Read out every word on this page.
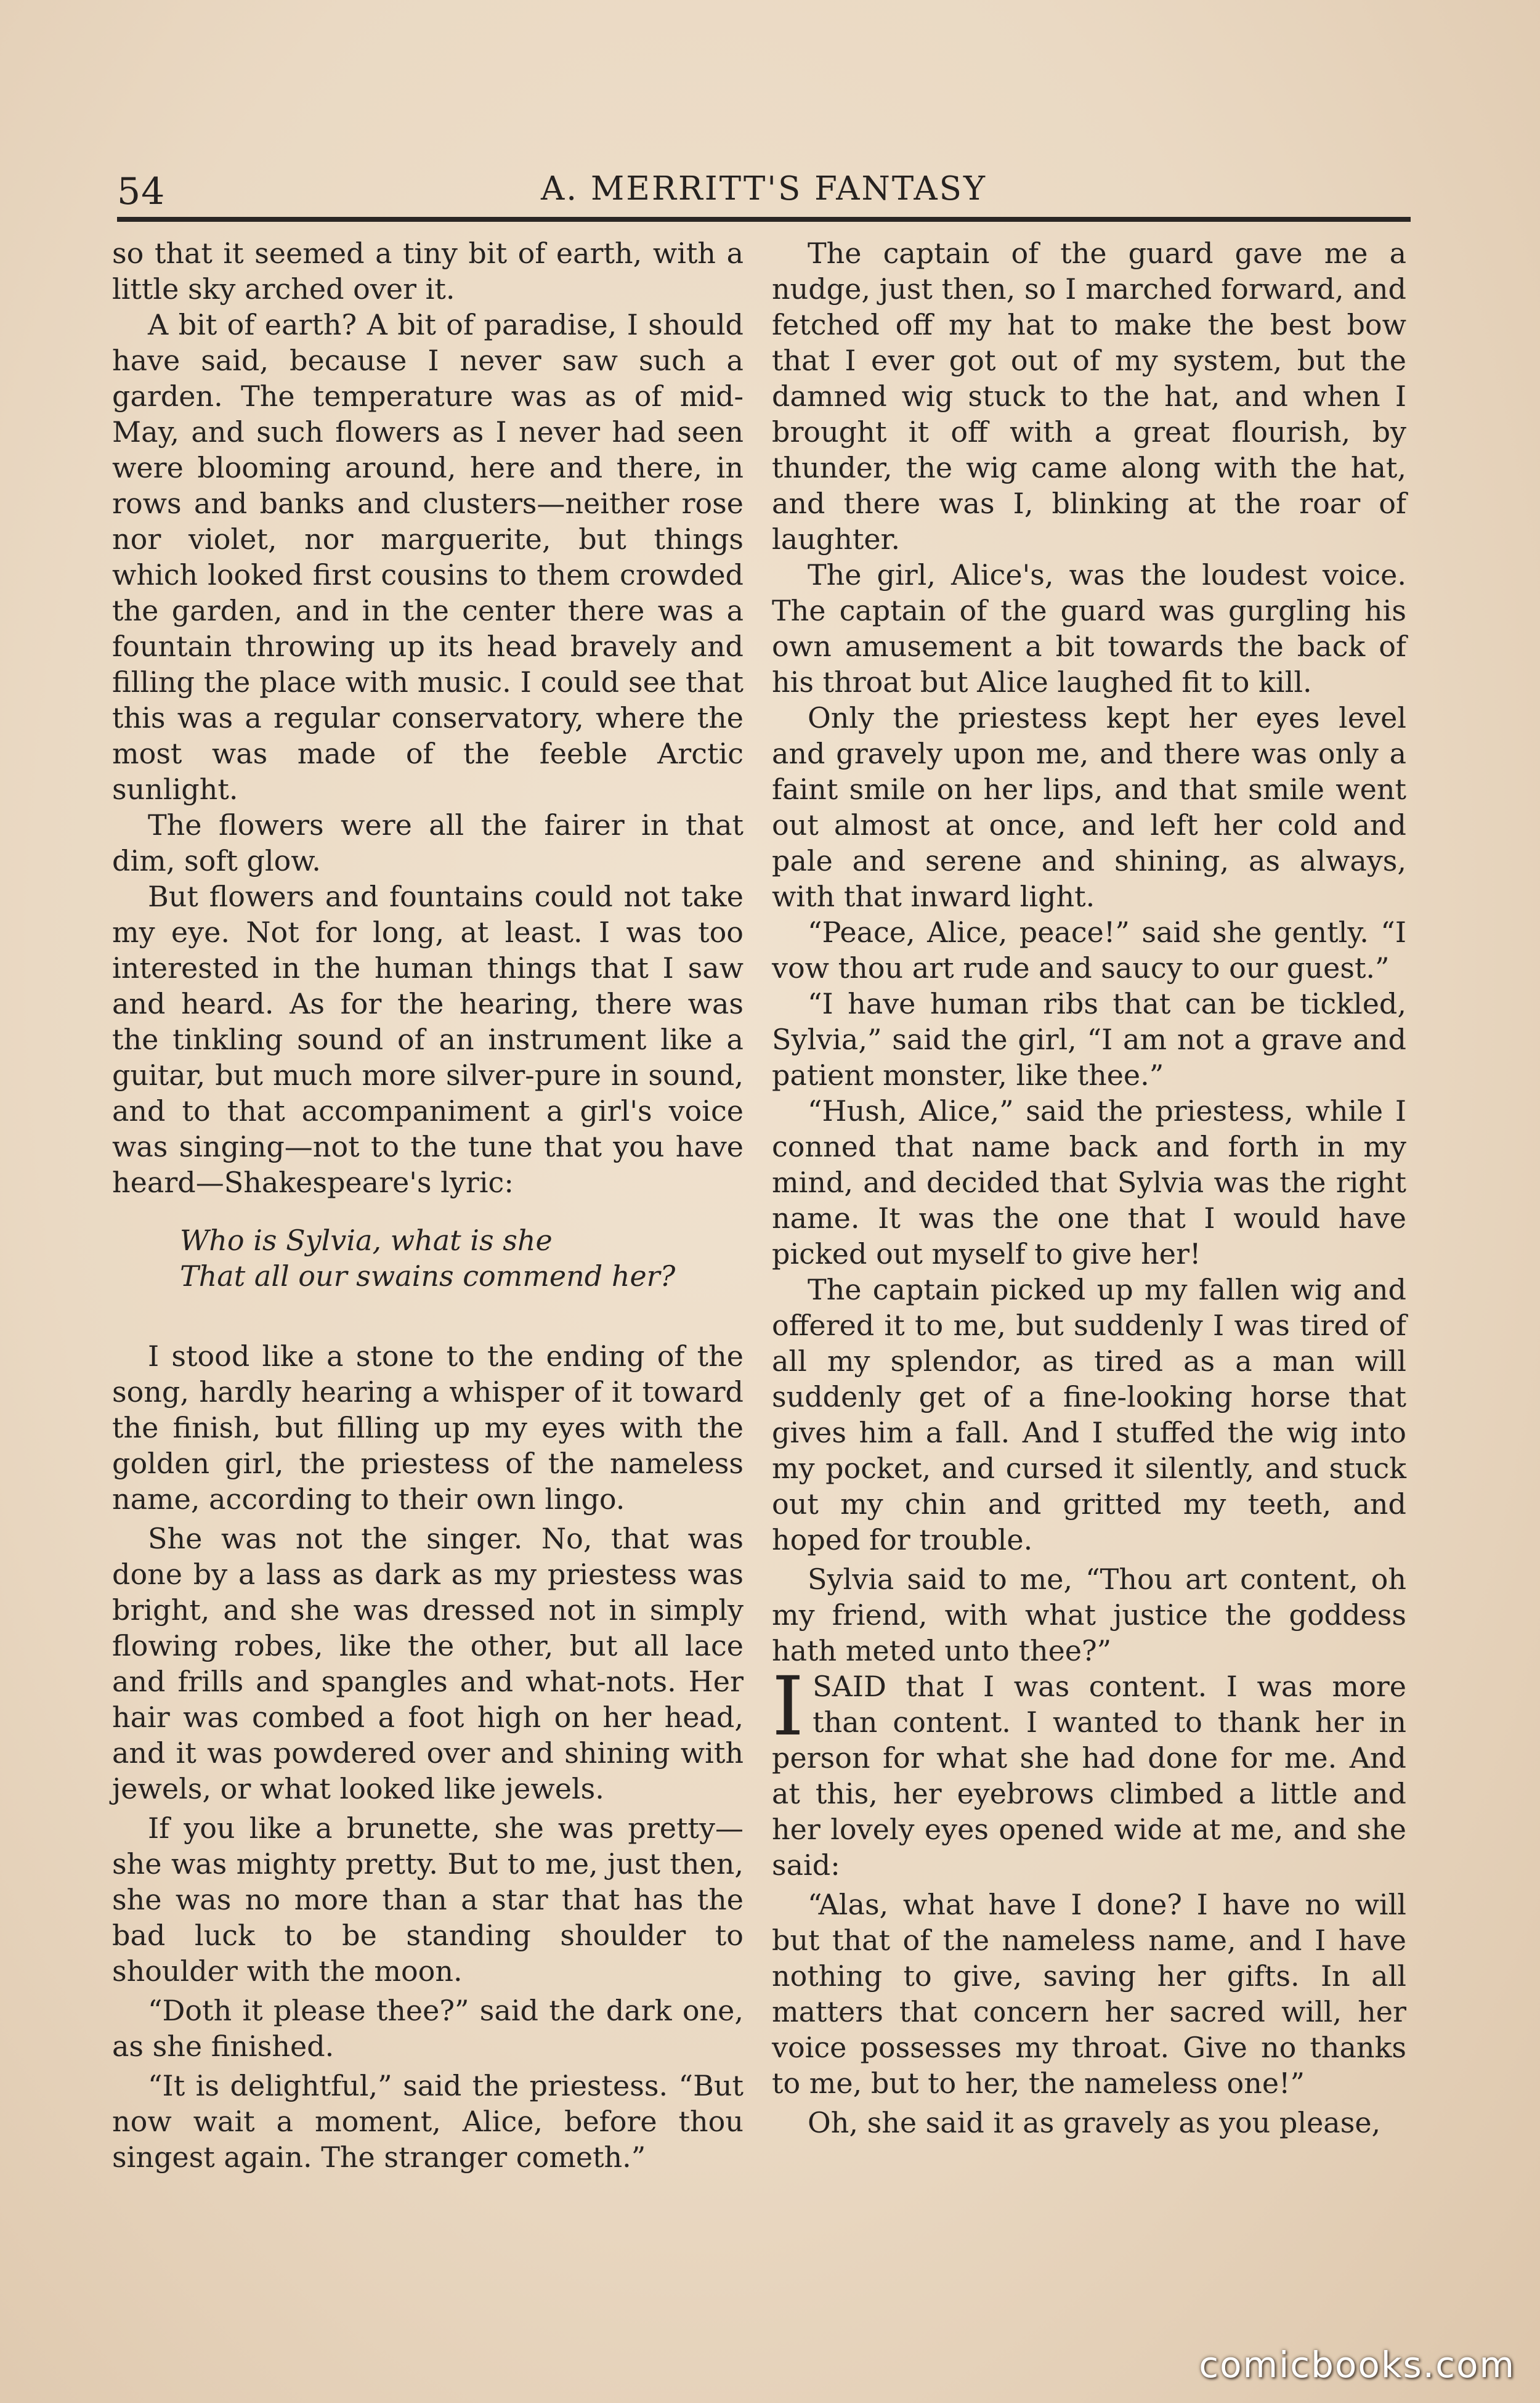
54	A. MERRITT'S FANTASY

so that it seemed a tiny bit of earth, with a little sky arched over it.

A bit of earth? A bit of paradise, I should have said, because I never saw such a garden. The temperature was as of mid-May, and such flowers as I never had seen were blooming around, here and there, in rows and banks and clusters—neither rose nor violet, nor marguerite, but things which looked first cousins to them crowded the garden, and in the center there was a fountain throwing up its head bravely and filling the place with music. I could see that this was a regular conservatory, where the most was made of the feeble Arctic sunlight.

The flowers were all the fairer in that dim, soft glow.

But flowers and fountains could not take my eye. Not for long, at least. I was too interested in the human things that I saw and heard. As for the hearing, there was the tinkling sound of an instrument like a guitar, but much more silver-pure in sound, and to that accompaniment a girl's voice was singing—not to the tune that you have heard—Shakespeare's lyric:

Who is Sylvia, what is she
That all our swains commend her?

I stood like a stone to the ending of the song, hardly hearing a whisper of it toward the finish, but filling up my eyes with the golden girl, the priestess of the nameless name, according to their own lingo.

She was not the singer. No, that was done by a lass as dark as my priestess was bright, and she was dressed not in simply flowing robes, like the other, but all lace and frills and spangles and what-nots. Her hair was combed a foot high on her head, and it was powdered over and shining with jewels, or what looked like jewels.

If you like a brunette, she was pretty—she was mighty pretty. But to me, just then, she was no more than a star that has the bad luck to be standing shoulder to shoulder with the moon.

“Doth it please thee?” said the dark one, as she finished.

“It is delightful,” said the priestess. “But now wait a moment, Alice, before thou singest again. The stranger cometh.”

The captain of the guard gave me a nudge, just then, so I marched forward, and fetched off my hat to make the best bow that I ever got out of my system, but the damned wig stuck to the hat, and when I brought it off with a great flourish, by thunder, the wig came along with the hat, and there was I, blinking at the roar of laughter.

The girl, Alice's, was the loudest voice. The captain of the guard was gurgling his own amusement a bit towards the back of his throat but Alice laughed fit to kill.

Only the priestess kept her eyes level and gravely upon me, and there was only a faint smile on her lips, and that smile went out almost at once, and left her cold and pale and serene and shining, as always, with that inward light.

“Peace, Alice, peace!” said she gently. “I vow thou art rude and saucy to our guest.”

“I have human ribs that can be tickled, Sylvia,” said the girl, “I am not a grave and patient monster, like thee.”

“Hush, Alice,” said the priestess, while I conned that name back and forth in my mind, and decided that Sylvia was the right name. It was the one that I would have picked out myself to give her!

The captain picked up my fallen wig and offered it to me, but suddenly I was tired of all my splendor, as tired as a man will suddenly get of a fine-looking horse that gives him a fall. And I stuffed the wig into my pocket, and cursed it silently, and stuck out my chin and gritted my teeth, and hoped for trouble.

Sylvia said to me, “Thou art content, oh my friend, with what justice the goddess hath meted unto thee?”

ISAID that I was content. I was more than content. I wanted to thank her in person for what she had done for me. And at this, her eyebrows climbed a little and her lovely eyes opened wide at me, and she said:

“Alas, what have I done? I have no will but that of the nameless name, and I have nothing to give, saving her gifts. In all matters that concern her sacred will, her voice possesses my throat. Give no thanks to me, but to her, the nameless one!”

Oh, she said it as gravely as you please,

comicbooks.com
